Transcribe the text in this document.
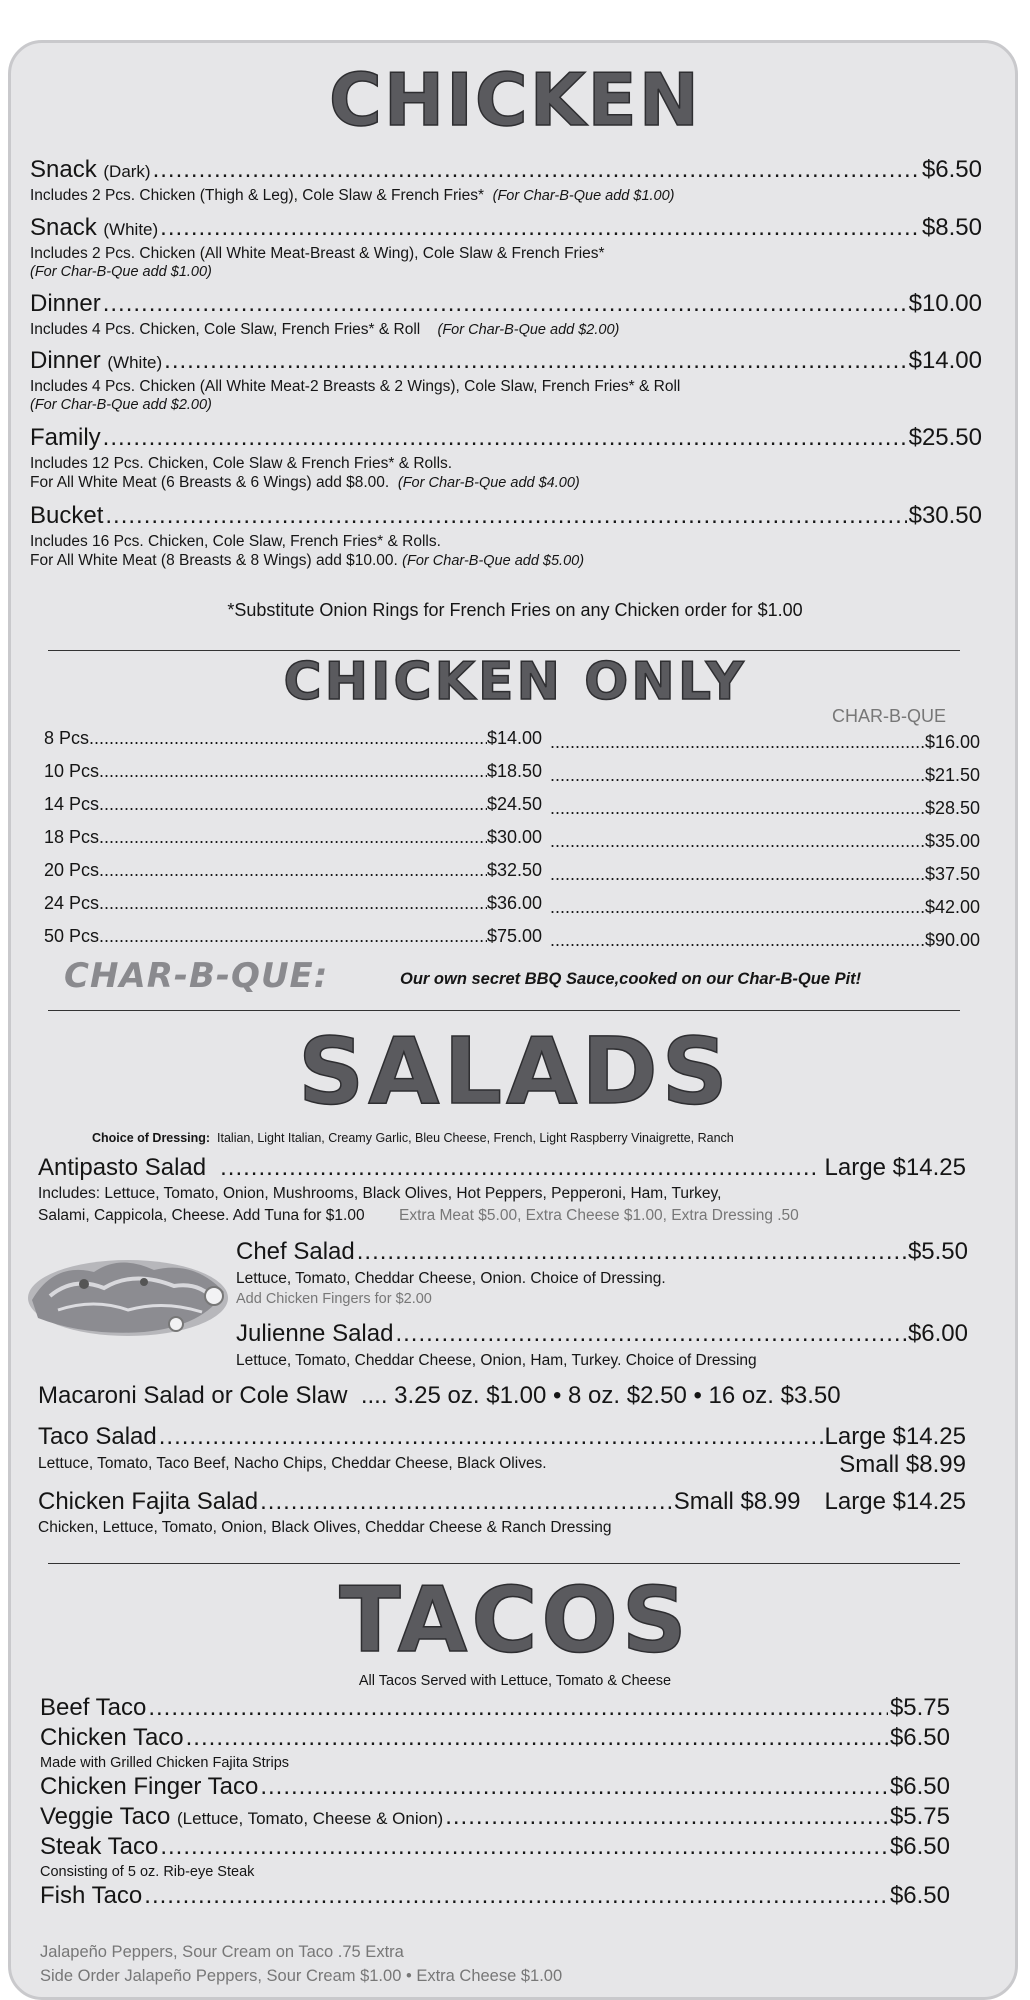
CHICKEN
Snack
(Dark) .....	$6.50
Includes 2 Pcs. Chicken (Thigh & Leg), Cole Slaw & French Fries* (For Char-B-Que add $1.00)
Snack
(White) .....	$8.50
Includes 2 Pcs. Chicken (All White Meat-Breast & Wing), Cole Slaw & French Fries*
(For Char-B-Que add $1.00)
Dinner .....	$10.00
Includes 4 Pcs. Chicken, Cole Slaw, French Fries* & Roll (For Char-B-Que add $2.00)
Dinner
(White) .....	$14.00
Includes 4 Pcs. Chicken (All White Meat-2 Breasts & 2 Wings), Cole Slaw, French Fries* & Roll
(For Char-B-Que add $2.00)
Family .....	$25.50
Includes 12 Pcs. Chicken, Cole Slaw & French Fries* & Rolls.
For All White Meat (6 Breasts & 6 Wings) add $8.00. (For Char-B-Que add $4.00)
Bucket .....	$30.50
Includes 16 Pcs. Chicken, Cole Slaw, French Fries* & Rolls.
For All White Meat (8 Breasts & 8 Wings) add $10.00. (For Char-B-Que add $5.00)
*Substitute Onion Rings for French Fries on any Chicken order for $1.00
CHICKEN ONLY
CHAR-B-QUE
8 Pcs .....	$14.00 .....	$16.00
10 Pcs .....	$18.50 .....	$21.50
14 Pcs .....	$24.50 .....	$28.50
18 Pcs .....	$30.00 .....	$35.00
20 Pcs .....	$32.50 .....	$37.50
24 Pcs .....	$36.00 .....	$42.00
50 Pcs .....	$75.00 .....	$90.00
CHAR-B-QUE:	Our own secret BBQ Sauce,cooked on our Char-B-Que Pit!
SALADS
Choice of Dressing: Italian, Light Italian, Creamy Garlic, Bleu Cheese, French, Light Raspberry Vinaigrette, Ranch
Antipasto Salad .....	Large $14.25
Includes: Lettuce, Tomato, Onion, Mushrooms, Black Olives, Hot Peppers, Pepperoni, Ham, Turkey,
Salami, Cappicola, Cheese. Add Tuna for $1.00 Extra Meat $5.00, Extra Cheese $1.00, Extra Dressing .50
Chef Salad .....	$5.50
Lettuce, Tomato, Cheddar Cheese, Onion. Choice of Dressing.
Add Chicken Fingers for $2.00
Julienne Salad .....	$6.00
Lettuce, Tomato, Cheddar Cheese, Onion, Ham, Turkey. Choice of Dressing
Macaroni Salad or Cole Slaw .... 3.25 oz. $1.00 • 8 oz. $2.50 • 16 oz. $3.50
Taco Salad .....	Large $14.25
Lettuce, Tomato, Taco Beef, Nacho Chips, Cheddar Cheese, Black Olives.	Small $8.99
Chicken Fajita Salad .....	Small $8.99 Large $14.25
Chicken, Lettuce, Tomato, Onion, Black Olives, Cheddar Cheese & Ranch Dressing
TACOS
All Tacos Served with Lettuce, Tomato & Cheese
Beef Taco .....	$5.75
Chicken Taco .....	$6.50
Made with Grilled Chicken Fajita Strips
Chicken Finger Taco .....	$6.50
Veggie Taco
(Lettuce, Tomato, Cheese & Onion) .....	$5.75
Steak Taco .....	$6.50
Consisting of 5 oz. Rib-eye Steak
Fish Taco .....	$6.50
Jalapeño Peppers, Sour Cream on Taco .75 Extra
Side Order Jalapeño Peppers, Sour Cream $1.00 • Extra Cheese $1.00
